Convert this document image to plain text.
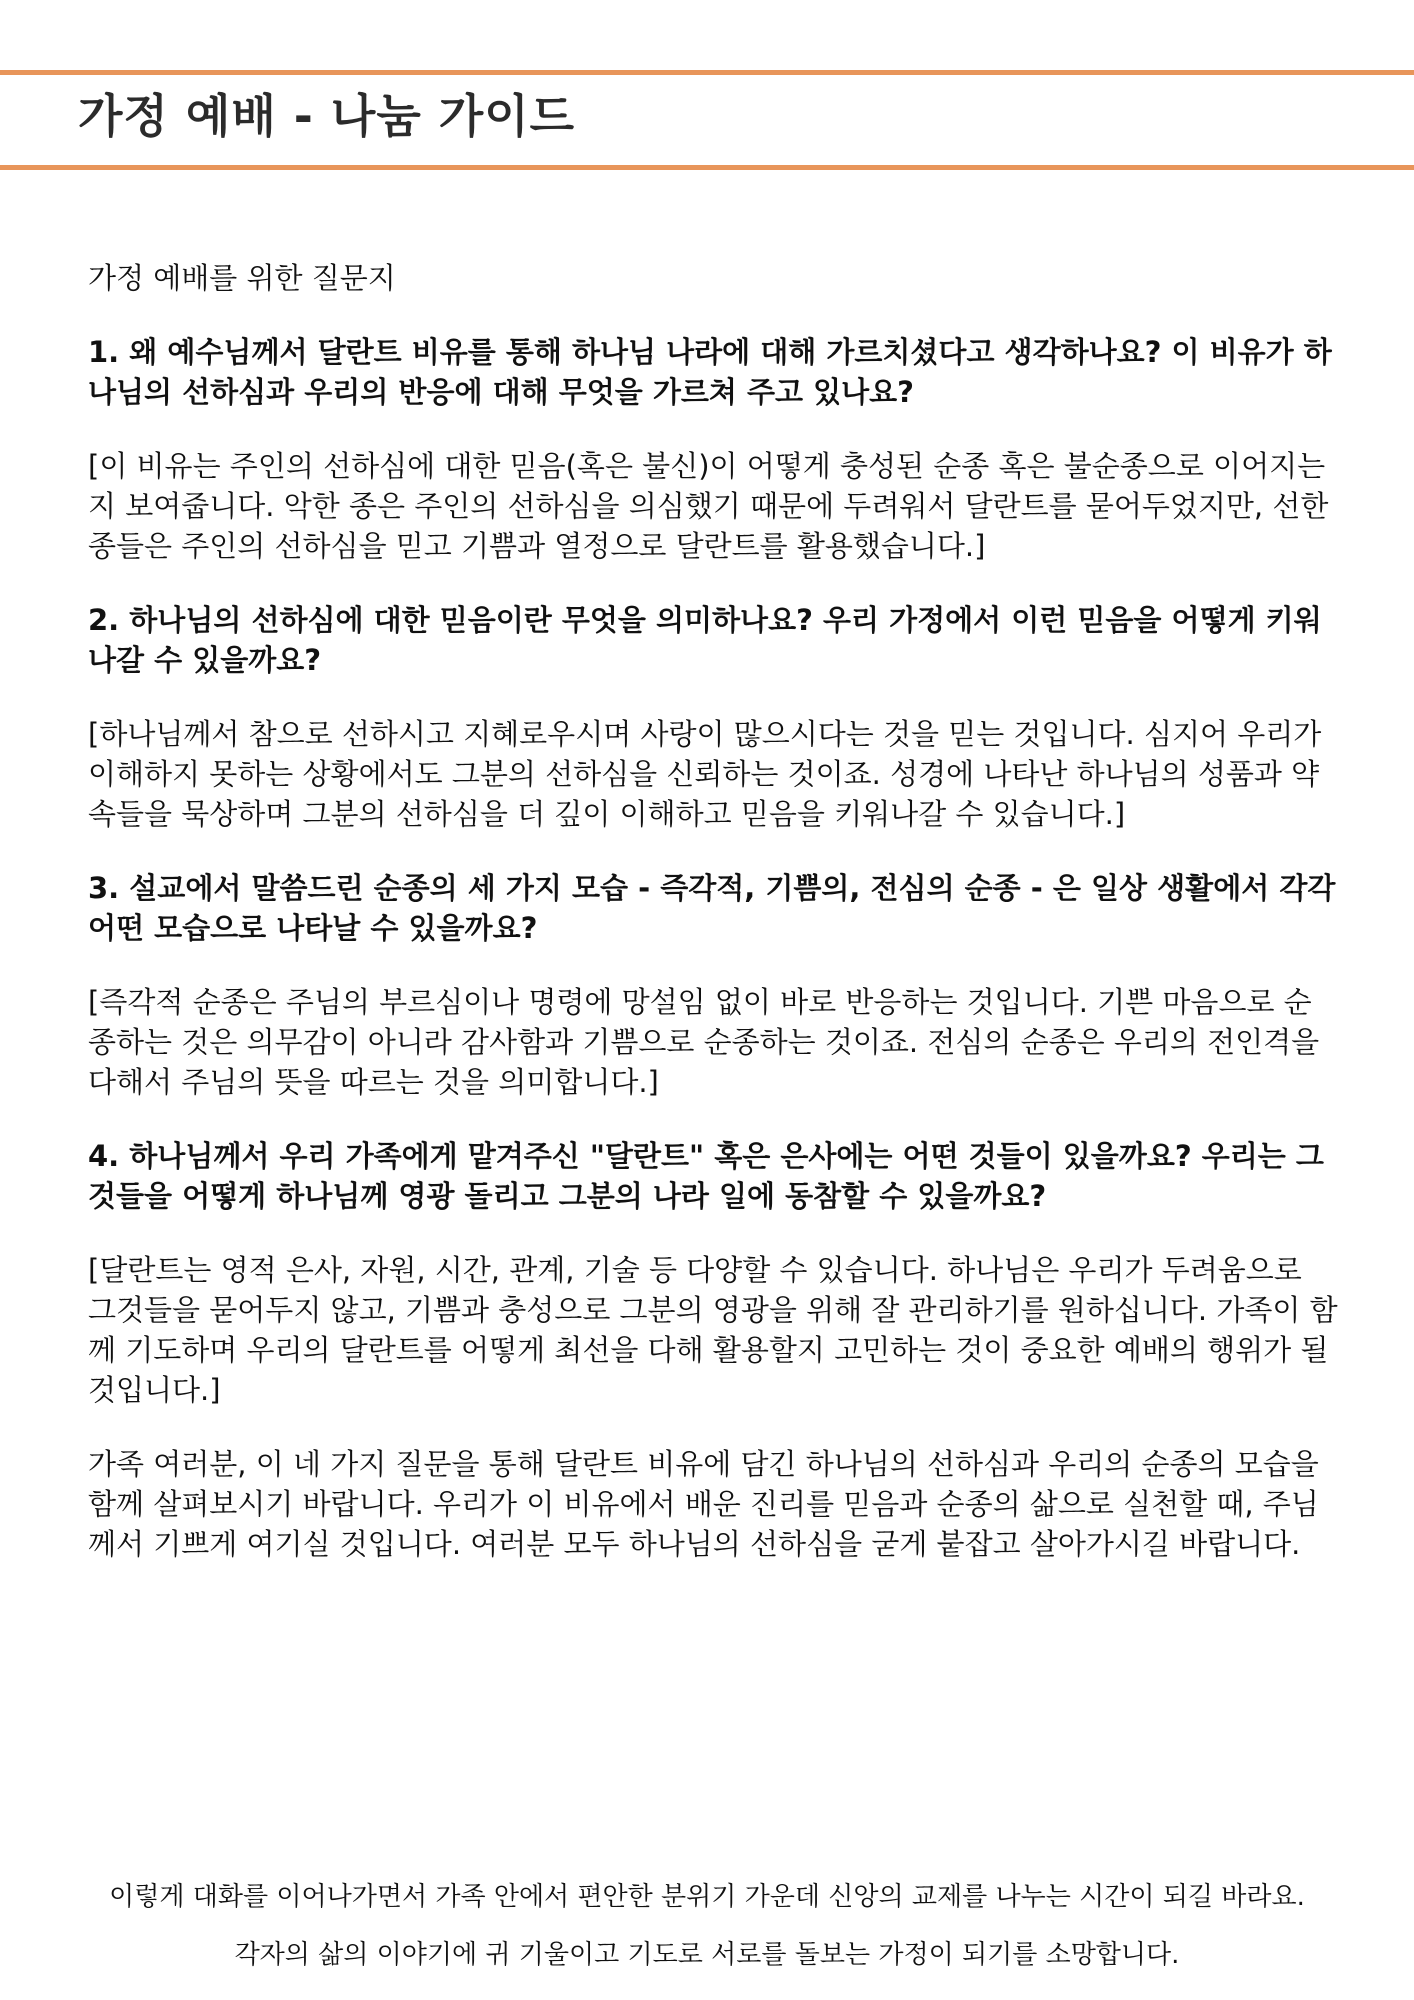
가정 예배 - 나눔 가이드

가정 예배를 위한 질문지

1. 왜 예수님께서 달란트 비유를 통해 하나님 나라에 대해 가르치셨다고 생각하나요? 이 비유가 하나님의 선하심과 우리의 반응에 대해 무엇을 가르쳐 주고 있나요?

[이 비유는 주인의 선하심에 대한 믿음(혹은 불신)이 어떻게 충성된 순종 혹은 불순종으로 이어지는지 보여줍니다. 악한 종은 주인의 선하심을 의심했기 때문에 두려워서 달란트를 묻어두었지만, 선한 종들은 주인의 선하심을 믿고 기쁨과 열정으로 달란트를 활용했습니다.]

2. 하나님의 선하심에 대한 믿음이란 무엇을 의미하나요? 우리 가정에서 이런 믿음을 어떻게 키워나갈 수 있을까요?

[하나님께서 참으로 선하시고 지혜로우시며 사랑이 많으시다는 것을 믿는 것입니다. 심지어 우리가 이해하지 못하는 상황에서도 그분의 선하심을 신뢰하는 것이죠. 성경에 나타난 하나님의 성품과 약속들을 묵상하며 그분의 선하심을 더 깊이 이해하고 믿음을 키워나갈 수 있습니다.]

3. 설교에서 말씀드린 순종의 세 가지 모습 - 즉각적, 기쁨의, 전심의 순종 - 은 일상 생활에서 각각 어떤 모습으로 나타날 수 있을까요?

[즉각적 순종은 주님의 부르심이나 명령에 망설임 없이 바로 반응하는 것입니다. 기쁜 마음으로 순종하는 것은 의무감이 아니라 감사함과 기쁨으로 순종하는 것이죠. 전심의 순종은 우리의 전인격을 다해서 주님의 뜻을 따르는 것을 의미합니다.]

4. 하나님께서 우리 가족에게 맡겨주신 "달란트" 혹은 은사에는 어떤 것들이 있을까요? 우리는 그것들을 어떻게 하나님께 영광 돌리고 그분의 나라 일에 동참할 수 있을까요?

[달란트는 영적 은사, 자원, 시간, 관계, 기술 등 다양할 수 있습니다. 하나님은 우리가 두려움으로 그것들을 묻어두지 않고, 기쁨과 충성으로 그분의 영광을 위해 잘 관리하기를 원하십니다. 가족이 함께 기도하며 우리의 달란트를 어떻게 최선을 다해 활용할지 고민하는 것이 중요한 예배의 행위가 될 것입니다.]

가족 여러분, 이 네 가지 질문을 통해 달란트 비유에 담긴 하나님의 선하심과 우리의 순종의 모습을 함께 살펴보시기 바랍니다. 우리가 이 비유에서 배운 진리를 믿음과 순종의 삶으로 실천할 때, 주님께서 기쁘게 여기실 것입니다. 여러분 모두 하나님의 선하심을 굳게 붙잡고 살아가시길 바랍니다.

이렇게 대화를 이어나가면서 가족 안에서 편안한 분위기 가운데 신앙의 교제를 나누는 시간이 되길 바라요.

각자의 삶의 이야기에 귀 기울이고 기도로 서로를 돌보는 가정이 되기를 소망합니다.
